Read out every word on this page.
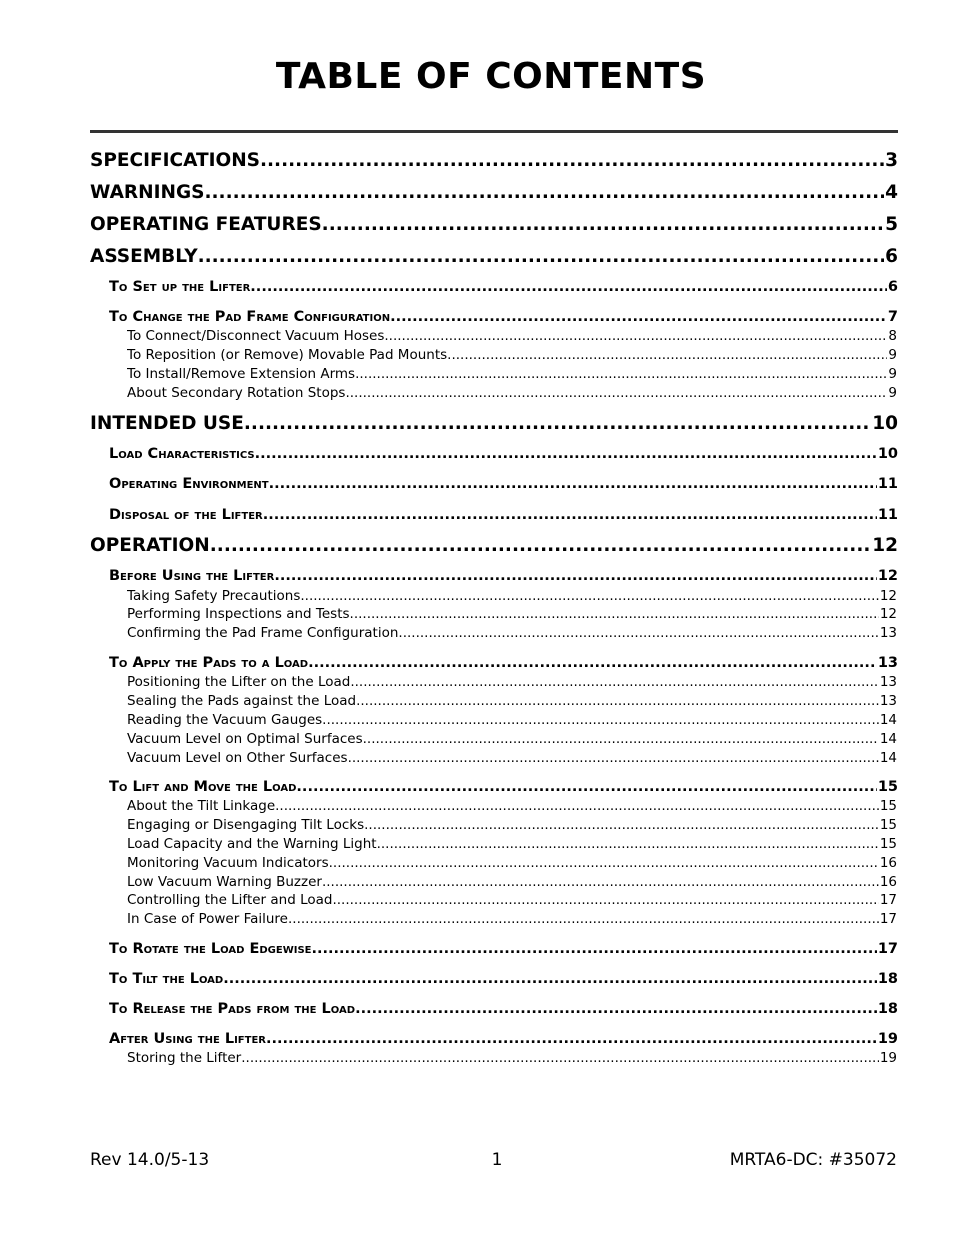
TABLE OF CONTENTS
SPECIFICATIONS .....	3
WARNINGS .....	4
OPERATING FEATURES .....	5
ASSEMBLY .....	6
To Set up the Lifter .....	6
To Change the Pad Frame Configuration .....	7
To Connect/Disconnect Vacuum Hoses .....	8
To Reposition (or Remove) Movable Pad Mounts .....	9
To Install/Remove Extension Arms .....	9
About Secondary Rotation Stops .....	9
INTENDED USE .....	10
Load Characteristics .....	10
Operating Environment .....	11
Disposal of the Lifter .....	11
OPERATION .....	12
Before Using the Lifter .....	12
Taking Safety Precautions .....	12
Performing Inspections and Tests .....	12
Confirming the Pad Frame Configuration .....	13
To Apply the Pads to a Load .....	13
Positioning the Lifter on the Load .....	13
Sealing the Pads against the Load .....	13
Reading the Vacuum Gauges .....	14
Vacuum Level on Optimal Surfaces .....	14
Vacuum Level on Other Surfaces .....	14
To Lift and Move the Load .....	15
About the Tilt Linkage .....	15
Engaging or Disengaging Tilt Locks .....	15
Load Capacity and the Warning Light .....	15
Monitoring Vacuum Indicators .....	16
Low Vacuum Warning Buzzer .....	16
Controlling the Lifter and Load .....	17
In Case of Power Failure .....	17
To Rotate the Load Edgewise .....	17
To Tilt the Load .....	18
To Release the Pads from the Load .....	18
After Using the Lifter .....	19
Storing the Lifter .....	19
Rev 14.0/5-13	1	MRTA6-DC: #35072
